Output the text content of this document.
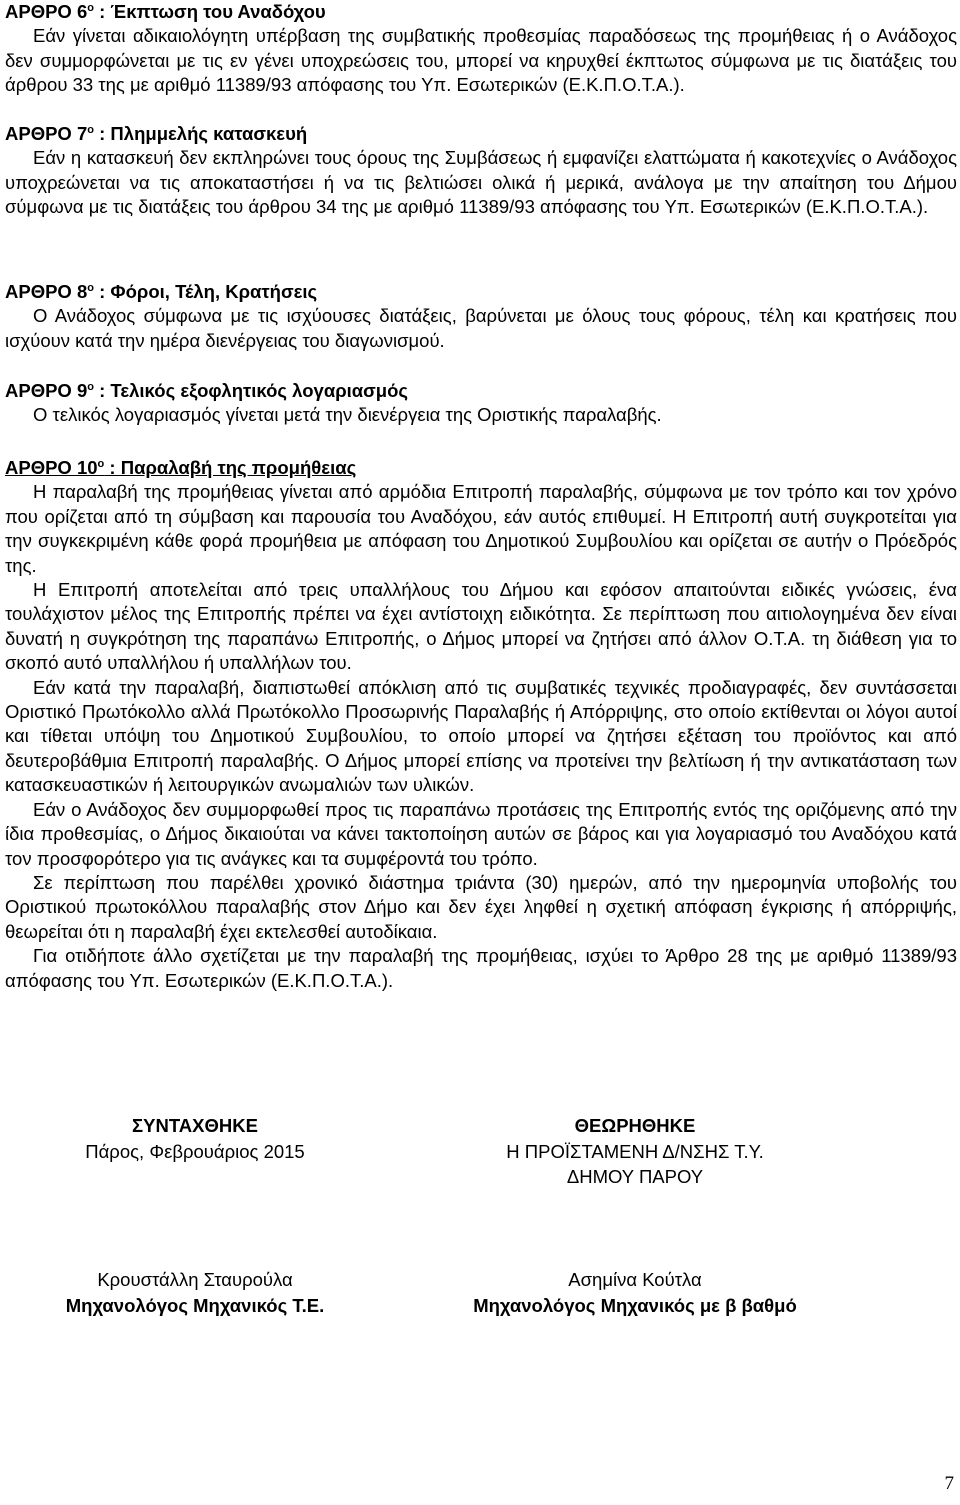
ΑΡΘΡΟ $6^o$ : Έκπτωση του Αναδόχου
Εάν γίνεται αδικαιολόγητη υπέρβαση της συμβατικής προθεσμίας παραδόσεως της προμήθειας ή ο Ανάδοχος δεν συμμορφώνεται με τις εν γένει υποχρεώσεις του, μπορεί να κηρυχθεί έκπτωτος σύμφωνα με τις διατάξεις του άρθρου 33 της με αριθμό 11389/93 απόφασης του Υπ. Εσωτερικών (Ε.Κ.Π.Ο.Τ.Α.).
ΑΡΘΡΟ $7^o$ : Πλημμελής κατασκευή
Εάν η κατασκευή δεν εκπληρώνει τους όρους της Συμβάσεως ή εμφανίζει ελαττώματα ή κακοτεχνίες ο Ανάδοχος υποχρεώνεται να τις αποκαταστήσει ή να τις βελτιώσει ολικά ή μερικά, ανάλογα με την απαίτηση του Δήμου σύμφωνα με τις διατάξεις του άρθρου 34 της με αριθμό 11389/93 απόφασης του Υπ. Εσωτερικών (Ε.Κ.Π.Ο.Τ.Α.).
ΑΡΘΡΟ $8^o$ : Φόροι, Τέλη, Κρατήσεις
Ο Ανάδοχος σύμφωνα με τις ισχύουσες διατάξεις, βαρύνεται με όλους τους φόρους, τέλη και κρατήσεις που ισχύουν κατά την ημέρα διενέργειας του διαγωνισμού.
ΑΡΘΡΟ $9^o$ : Τελικός εξοφλητικός λογαριασμός
Ο τελικός λογαριασμός γίνεται μετά την διενέργεια της Οριστικής παραλαβής.
ΑΡΘΡΟ $10^o$ : Παραλαβή της προμήθειας
Η παραλαβή της προμήθειας γίνεται από αρμόδια Επιτροπή παραλαβής, σύμφωνα με τον τρόπο και τον χρόνο που ορίζεται από τη σύμβαση και παρουσία του Αναδόχου, εάν αυτός επιθυμεί. Η Επιτροπή αυτή συγκροτείται για την συγκεκριμένη κάθε φορά προμήθεια με απόφαση του Δημοτικού Συμβουλίου και ορίζεται σε αυτήν ο Πρόεδρός της.
Η Επιτροπή αποτελείται από τρεις υπαλλήλους του Δήμου και εφόσον απαιτούνται ειδικές γνώσεις, ένα τουλάχιστον μέλος της Επιτροπής πρέπει να έχει αντίστοιχη ειδικότητα. Σε περίπτωση που αιτιολογημένα δεν είναι δυνατή η συγκρότηση της παραπάνω Επιτροπής, ο Δήμος μπορεί να ζητήσει από άλλον Ο.Τ.Α. τη διάθεση για το σκοπό αυτό υπαλλήλου ή υπαλλήλων του.
Εάν κατά την παραλαβή, διαπιστωθεί απόκλιση από τις συμβατικές τεχνικές προδιαγραφές, δεν συντάσσεται Οριστικό Πρωτόκολλο αλλά Πρωτόκολλο Προσωρινής Παραλαβής ή Απόρριψης, στο οποίο εκτίθενται οι λόγοι αυτοί και τίθεται υπόψη του Δημοτικού Συμβουλίου, το οποίο μπορεί να ζητήσει εξέταση του προϊόντος και από δευτεροβάθμια Επιτροπή παραλαβής. Ο Δήμος μπορεί επίσης να προτείνει την βελτίωση ή την αντικατάσταση των κατασκευαστικών ή λειτουργικών ανωμαλιών των υλικών.
Εάν ο Ανάδοχος δεν συμμορφωθεί προς τις παραπάνω προτάσεις της Επιτροπής εντός της οριζόμενης από την ίδια προθεσμίας, ο Δήμος δικαιούται να κάνει τακτοποίηση αυτών σε βάρος και για λογαριασμό του Αναδόχου κατά τον προσφορότερο για τις ανάγκες και τα συμφέροντά του τρόπο.
Σε περίπτωση που παρέλθει χρονικό διάστημα τριάντα (30) ημερών, από την ημερομηνία υποβολής του Οριστικού πρωτοκόλλου παραλαβής στον Δήμο και δεν έχει ληφθεί η σχετική απόφαση έγκρισης ή απόρριψής, θεωρείται ότι η παραλαβή έχει εκτελεσθεί αυτοδίκαια.
Για οτιδήποτε άλλο σχετίζεται με την παραλαβή της προμήθειας, ισχύει το Άρθρο 28 της με αριθμό 11389/93 απόφασης του Υπ. Εσωτερικών (Ε.Κ.Π.Ο.Τ.Α.).
ΣΥΝΤΑΧΘΗΚΕ
Πάρος, Φεβρουάριος 2015
Κρουστάλλη Σταυρούλα
Μηχανολόγος Μηχανικός Τ.Ε.
ΘΕΩΡΗΘΗΚΕ
Η ΠΡΟΪΣΤΑΜΕΝΗ Δ/ΝΣΗΣ Τ.Υ.
ΔΗΜΟΥ ΠΑΡΟΥ
Ασημίνα Κούτλα
Μηχανολόγος Μηχανικός με β βαθμό
7
